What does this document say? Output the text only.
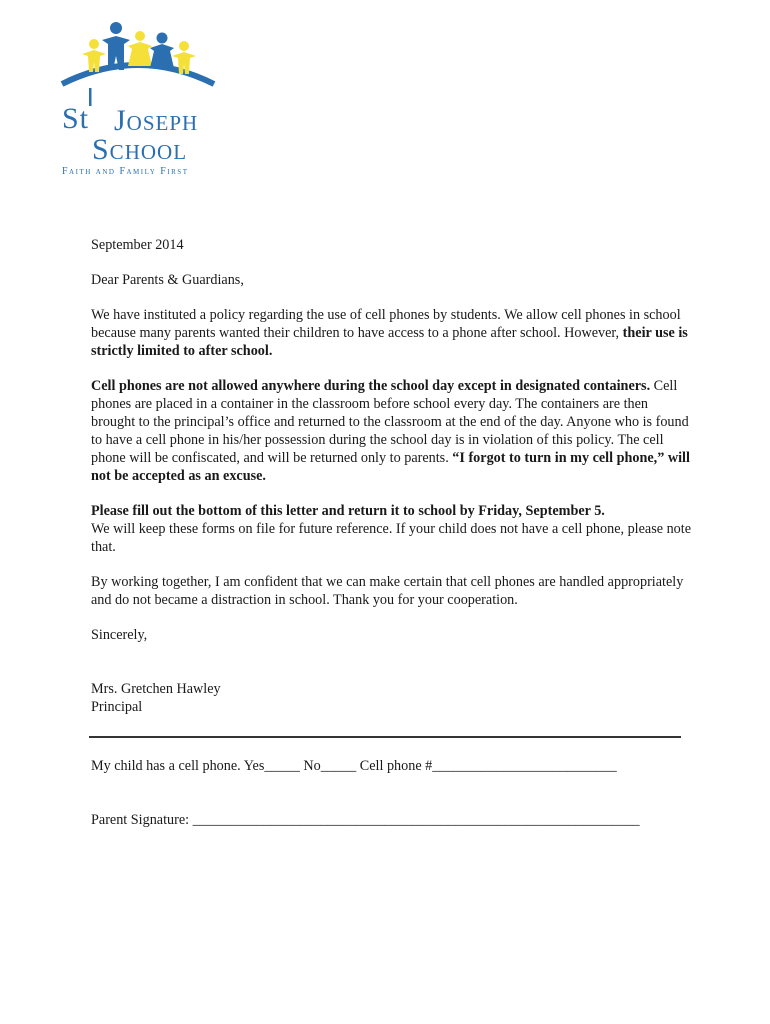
St Joseph
School
Faith and Family First

September 2014

Dear Parents & Guardians,

We have instituted a policy regarding the use of cell phones by students. We allow cell phones in school because many parents wanted their children to have access to a phone after school. However, their use is strictly limited to after school.

Cell phones are not allowed anywhere during the school day except in designated containers. Cell phones are placed in a container in the classroom before school every day. The containers are then brought to the principal’s office and returned to the classroom at the end of the day. Anyone who is found to have a cell phone in his/her possession during the school day is in violation of this policy. The cell phone will be confiscated, and will be returned only to parents. “I forgot to turn in my cell phone,” will not be accepted as an excuse.

Please fill out the bottom of this letter and return it to school by Friday, September 5.
We will keep these forms on file for future reference. If your child does not have a cell phone, please note that.

By working together, I am confident that we can make certain that cell phones are handled appropriately and do not became a distraction in school. Thank you for your cooperation.

Sincerely,

Mrs. Gretchen Hawley
Principal

My child has a cell phone. Yes_____ No_____ Cell phone #__________________________
Parent Signature: _______________________________________________________________
